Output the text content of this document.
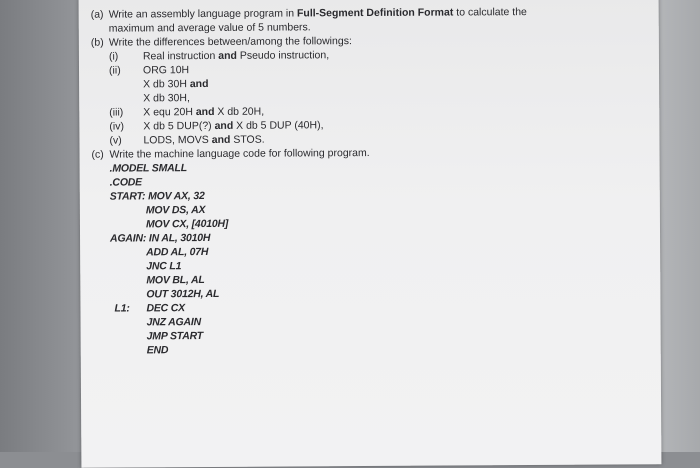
(a) Write an assembly language program in Full-Segment Definition Format to calculate the
maximum and average value of 5 numbers.
(b) Write the differences between/among the followings:
(i) Real instruction and Pseudo instruction,
(ii) ORG 10H
X db 30H and
X db 30H,
(iii) X equ 20H and X db 20H,
(iv) X db 5 DUP(?) and X db 5 DUP (40H),
(v) LODS, MOVS and STOS.
(c) Write the machine language code for following program.
.MODEL SMALL
.CODE
START: MOV AX, 32
MOV DS, AX
MOV CX, [4010H]
AGAIN: IN AL, 3010H
ADD AL, 07H
JNC L1
MOV BL, AL
OUT 3012H, AL
L1: DEC CX
JNZ AGAIN
JMP START
END
